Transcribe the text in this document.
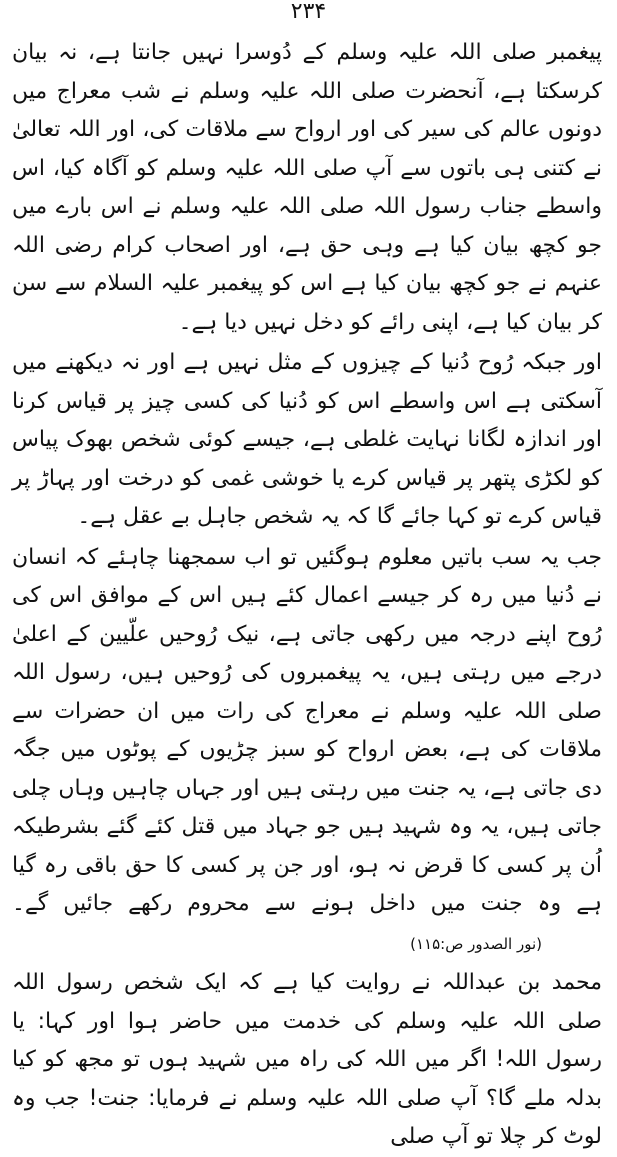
۲۳۴

پیغمبر صلی اللہ علیہ وسلم کے دُوسرا نہیں جانتا ہے، نہ بیان کرسکتا ہے، آنحضرت صلی اللہ علیہ وسلم نے شب معراج میں دونوں عالم کی سیر کی اور ارواح سے ملاقات کی، اور اللہ تعالیٰ نے کتنی ہی باتوں سے آپ صلی اللہ علیہ وسلم کو آگاہ کیا، اس واسطے جناب رسول اللہ صلی اللہ علیہ وسلم نے اس بارے میں جو کچھ بیان کیا ہے وہی حق ہے، اور اصحاب کرام رضی اللہ عنہم نے جو کچھ بیان کیا ہے اس کو پیغمبر علیہ السلام سے سن کر بیان کیا ہے، اپنی رائے کو دخل نہیں دیا ہے۔

اور جبکہ رُوح دُنیا کے چیزوں کے مثل نہیں ہے اور نہ دیکھنے میں آسکتی ہے اس واسطے اس کو دُنیا کی کسی چیز پر قیاس کرنا اور اندازہ لگانا نہایت غلطی ہے، جیسے کوئی شخص بھوک پیاس کو لکڑی پتھر پر قیاس کرے یا خوشی غمی کو درخت اور پہاڑ پر قیاس کرے تو کہا جائے گا کہ یہ شخص جاہل بے عقل ہے۔

جب یہ سب باتیں معلوم ہوگئیں تو اب سمجھنا چاہئے کہ انسان نے دُنیا میں رہ کر جیسے اعمال کئے ہیں اس کے موافق اس کی رُوح اپنے درجہ میں رکھی جاتی ہے، نیک رُوحیں علّیین کے اعلیٰ درجے میں رہتی ہیں، یہ پیغمبروں کی رُوحیں ہیں، رسول اللہ صلی اللہ علیہ وسلم نے معراج کی رات میں ان حضرات سے ملاقات کی ہے، بعض ارواح کو سبز چڑیوں کے پوٹوں میں جگہ دی جاتی ہے، یہ جنت میں رہتی ہیں اور جہاں چاہیں وہاں چلی جاتی ہیں، یہ وہ شہید ہیں جو جہاد میں قتل کئے گئے بشرطیکہ اُن پر کسی کا قرض نہ ہو، اور جن پر کسی کا حق باقی رہ گیا ہے وہ جنت میں داخل ہونے سے محروم رکھے جائیں گے۔(نور الصدور ص:۱۱۵)

محمد بن عبداللہ نے روایت کیا ہے کہ ایک شخص رسول اللہ صلی اللہ علیہ وسلم کی خدمت میں حاضر ہوا اور کہا: یا رسول اللہ! اگر میں اللہ کی راہ میں شہید ہوں تو مجھ کو کیا بدلہ ملے گا؟ آپ صلی اللہ علیہ وسلم نے فرمایا: جنت! جب وہ لوٹ کر چلا تو آپ صلی
